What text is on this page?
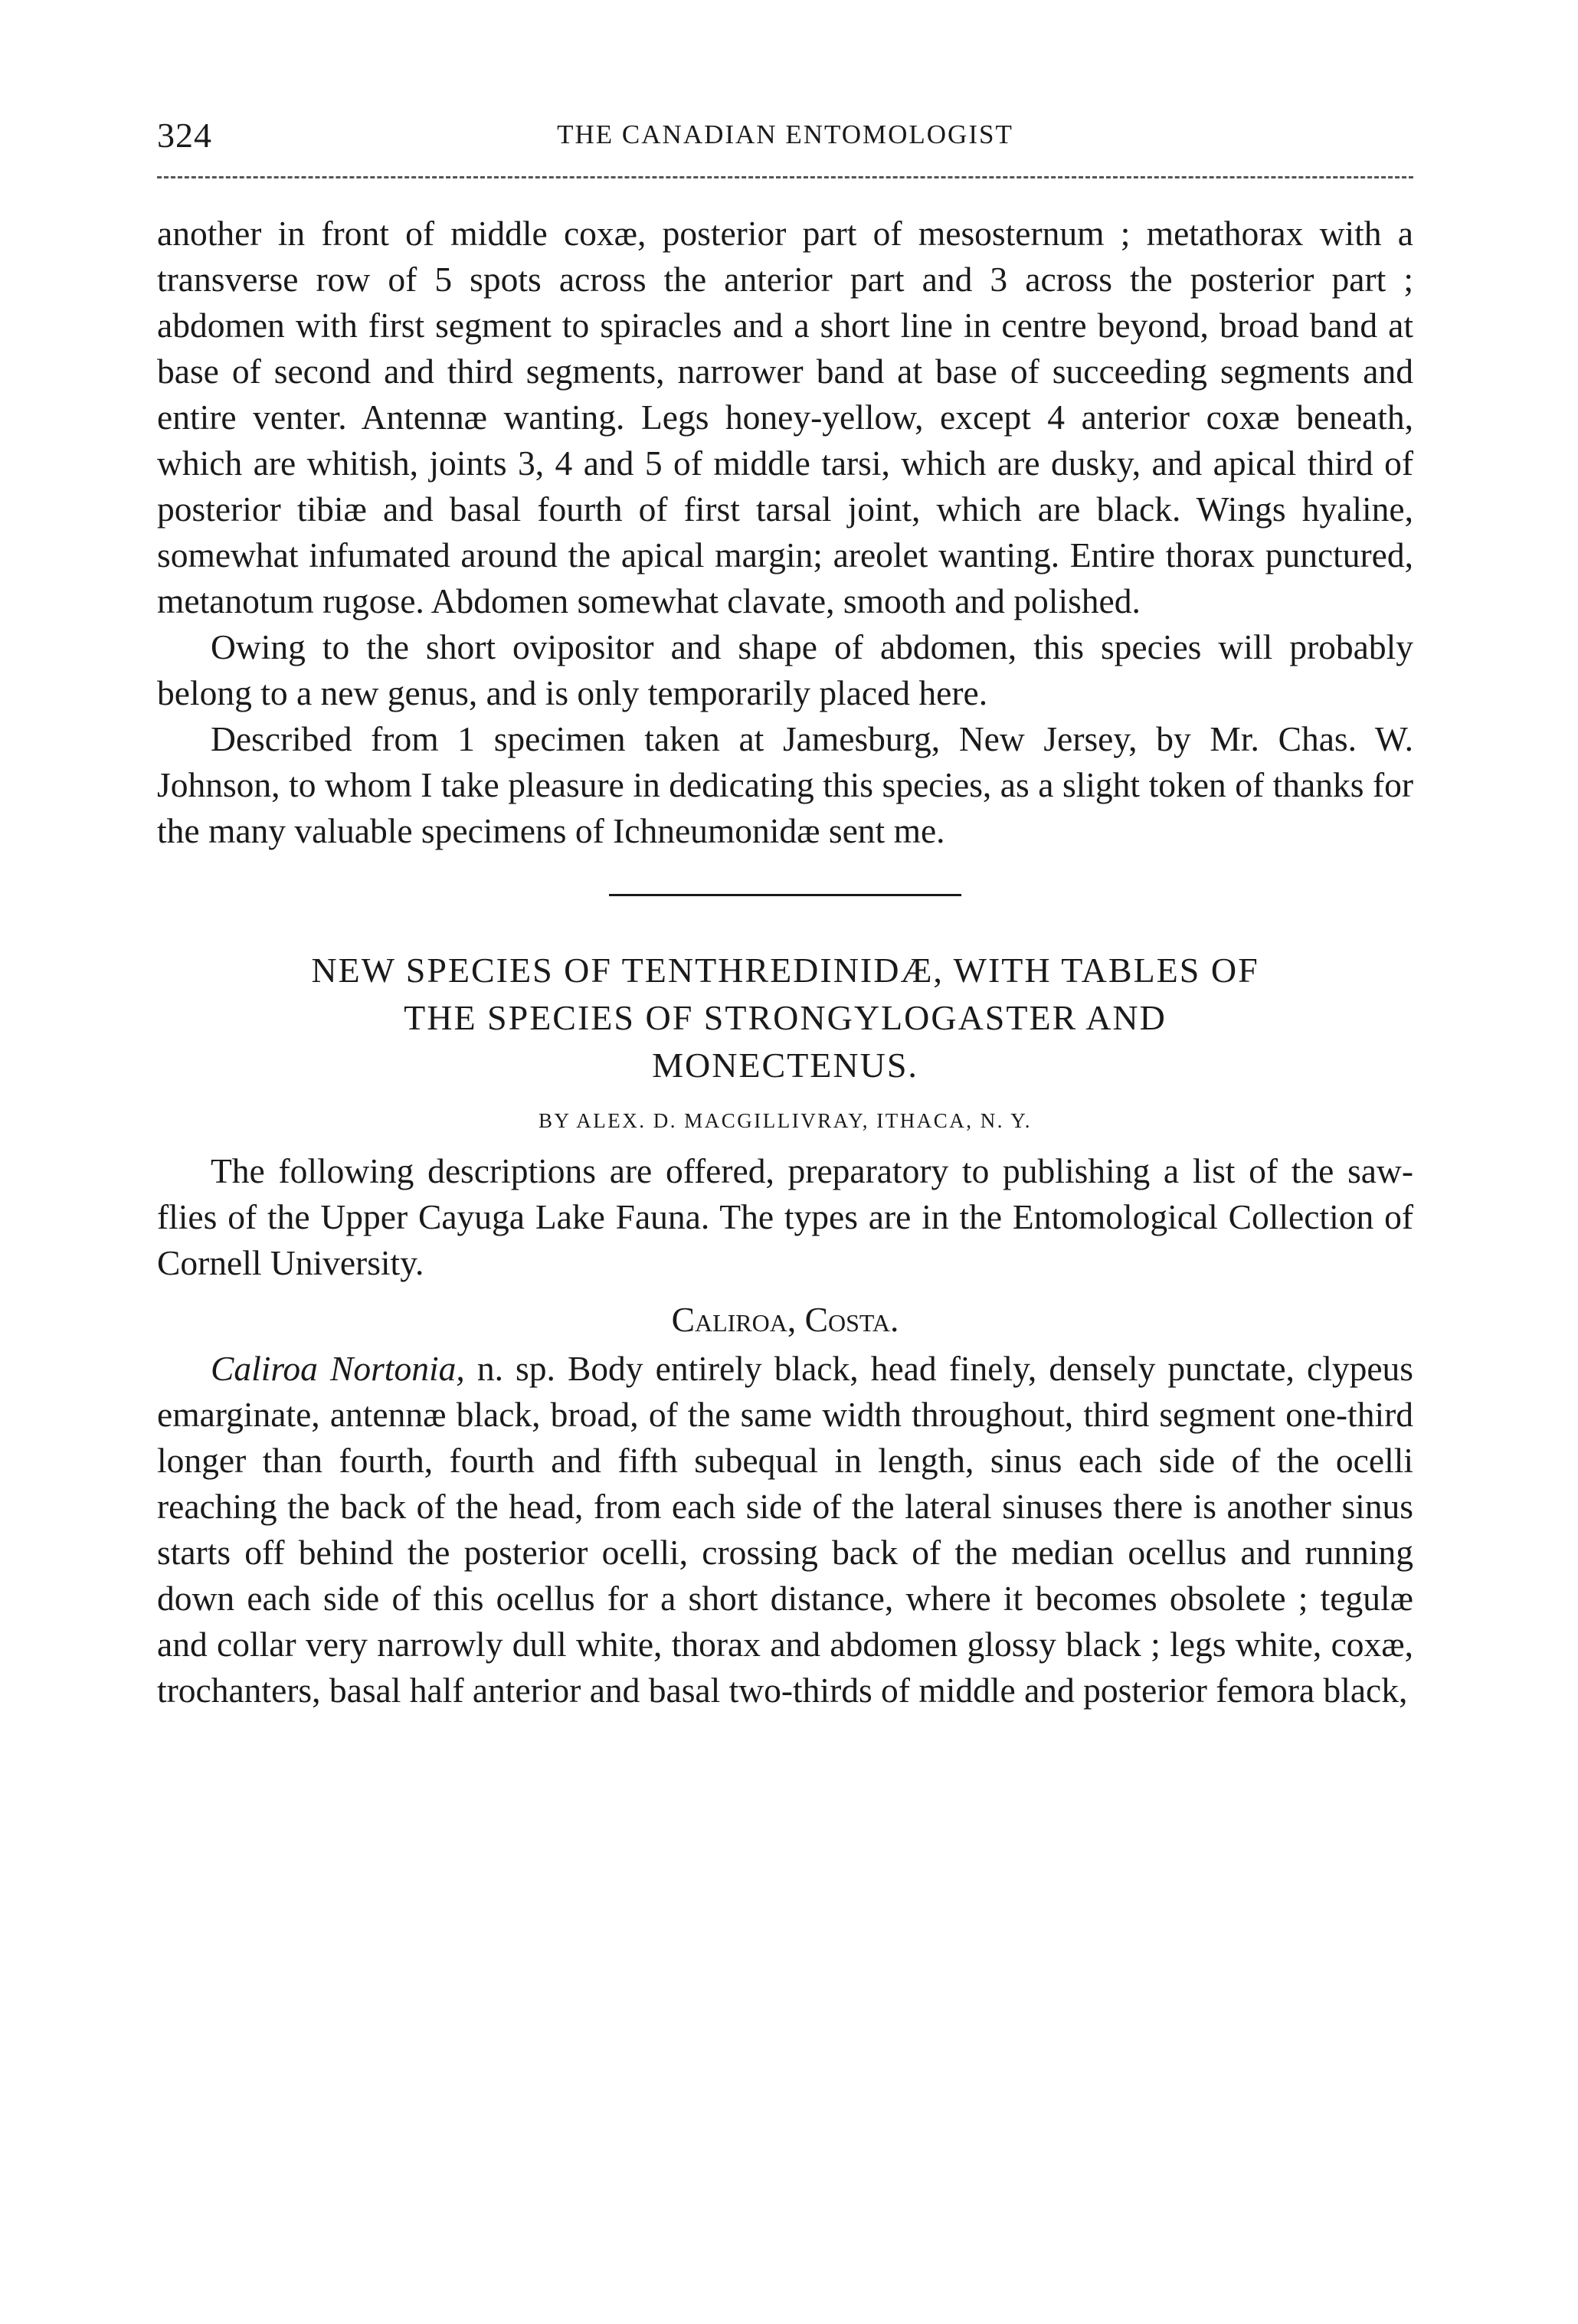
324	THE CANADIAN ENTOMOLOGIST

another in front of middle coxæ, posterior part of mesosternum ; metathorax with a transverse row of 5 spots across the anterior part and 3 across the posterior part ; abdomen with first segment to spiracles and a short line in centre beyond, broad band at base of second and third segments, narrower band at base of succeeding segments and entire venter. Antennæ wanting. Legs honey-yellow, except 4 anterior coxæ beneath, which are whitish, joints 3, 4 and 5 of middle tarsi, which are dusky, and apical third of posterior tibiæ and basal fourth of first tarsal joint, which are black. Wings hyaline, somewhat infumated around the apical margin; areolet wanting. Entire thorax punctured, metanotum rugose. Abdomen somewhat clavate, smooth and polished.

Owing to the short ovipositor and shape of abdomen, this species will probably belong to a new genus, and is only temporarily placed here.

Described from 1 specimen taken at Jamesburg, New Jersey, by Mr. Chas. W. Johnson, to whom I take pleasure in dedicating this species, as a slight token of thanks for the many valuable specimens of Ichneumonidæ sent me.

NEW SPECIES OF TENTHREDINIDÆ, WITH TABLES OF
THE SPECIES OF STRONGYLOGASTER AND
MONECTENUS.
BY ALEX. D. MACGILLIVRAY, ITHACA, N. Y.

The following descriptions are offered, preparatory to publishing a list of the saw-flies of the Upper Cayuga Lake Fauna. The types are in the Entomological Collection of Cornell University.

Caliroa, Costa.

Caliroa Nortonia, n. sp. Body entirely black, head finely, densely punctate, clypeus emarginate, antennæ black, broad, of the same width throughout, third segment one-third longer than fourth, fourth and fifth subequal in length, sinus each side of the ocelli reaching the back of the head, from each side of the lateral sinuses there is another sinus starts off behind the posterior ocelli, crossing back of the median ocellus and running down each side of this ocellus for a short distance, where it becomes obsolete ; tegulæ and collar very narrowly dull white, thorax and abdomen glossy black ; legs white, coxæ, trochanters, basal half anterior and basal two-thirds of middle and posterior femora black,
